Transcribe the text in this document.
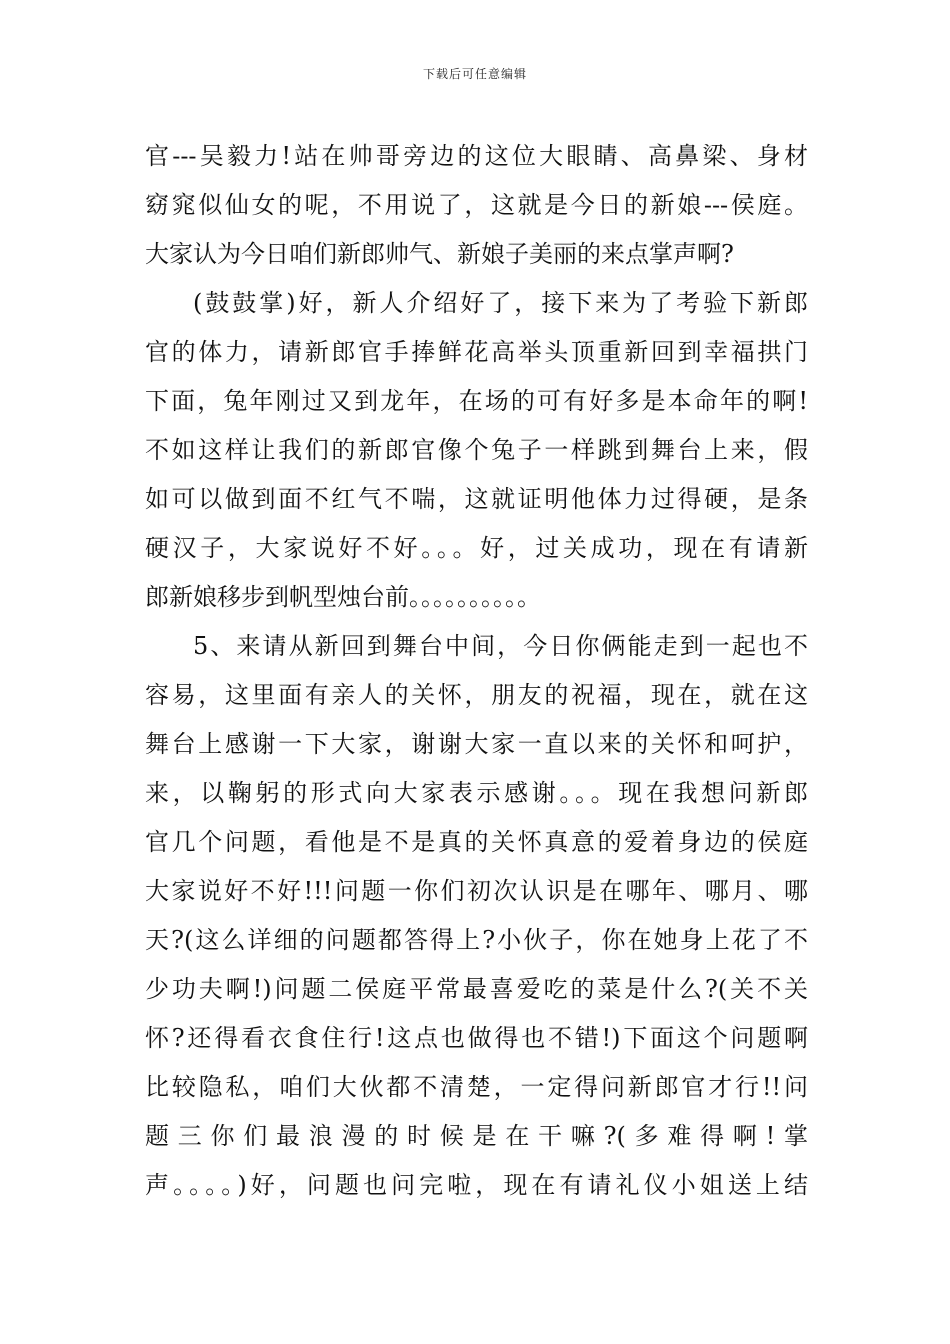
下载后可任意编辑
官---吴毅力!站在帅哥旁边的这位大眼睛、高鼻梁、身材
窈窕似仙女的呢，不用说了，这就是今日的新娘---侯庭。
大家认为今日咱们新郎帅气、新娘子美丽的来点掌声啊?
(鼓鼓掌)好，新人介绍好了，接下来为了考验下新郎
官的体力，请新郎官手捧鲜花高举头顶重新回到幸福拱门
下面，兔年刚过又到龙年，在场的可有好多是本命年的啊!
不如这样让我们的新郎官像个兔子一样跳到舞台上来，假
如可以做到面不红气不喘，这就证明他体力过得硬，是条
硬汉子，大家说好不好。。。好，过关成功，现在有请新
郎新娘移步到帆型烛台前。。。。。。。。。。
5、来请从新回到舞台中间，今日你俩能走到一起也不
容易，这里面有亲人的关怀，朋友的祝福，现在，就在这
舞台上感谢一下大家，谢谢大家一直以来的关怀和呵护，
来，以鞠躬的形式向大家表示感谢。。。现在我想问新郎
官几个问题，看他是不是真的关怀真意的爱着身边的侯庭
大家说好不好!!!问题一你们初次认识是在哪年、哪月、哪
天?(这么详细的问题都答得上?小伙子，你在她身上花了不
少功夫啊!)问题二侯庭平常最喜爱吃的菜是什么?(关不关
怀?还得看衣食住行!这点也做得也不错!)下面这个问题啊
比较隐私，咱们大伙都不清楚，一定得问新郎官才行!!问
题三你们最浪漫的时候是在干嘛?(多难得啊!掌
声。。。。)好，问题也问完啦，现在有请礼仪小姐送上结
